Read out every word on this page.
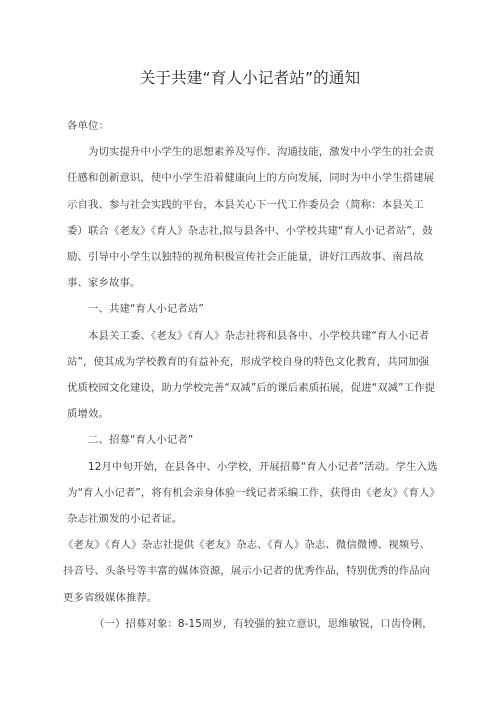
关于共建“育人小记者站”的通知

各单位：

为切实提升中小学生的思想素养及写作、沟通技能，激发中小学生的社会责任感和创新意识，使中小学生沿着健康向上的方向发展，同时为中小学生搭建展示自我、参与社会实践的平台，本县关心下一代工作委员会（简称：本县关工委）联合《老友》《育人》杂志社,拟与县各中、小学校共建“育人小记者站”，鼓励、引导中小学生以独特的视角积极宣传社会正能量，讲好江西故事、南昌故事、家乡故事。

一、共建“育人小记者站”

本县关工委、《老友》《育人》杂志社将和县各中、小学校共建“育人小记者站”，使其成为学校教育的有益补充，形成学校自身的特色文化教育，共同加强优质校园文化建设，助力学校完善“双减”后的课后素质拓展，促进“双减”工作提质增效。

二、招募“育人小记者”

12月中旬开始，在县各中、小学校，开展招募“育人小记者”活动。学生入选为“育人小记者”，将有机会亲身体验一线记者采编工作，获得由《老友》《育人》杂志社颁发的小记者证。

《老友》《育人》杂志社提供《老友》杂志、《育人》杂志、微信微博、视频号、抖音号、头条号等丰富的媒体资源，展示小记者的优秀作品，特别优秀的作品向更多省级媒体推荐。

（一）招募对象：8-15周岁，有较强的独立意识，思维敏锐，口齿伶俐，
